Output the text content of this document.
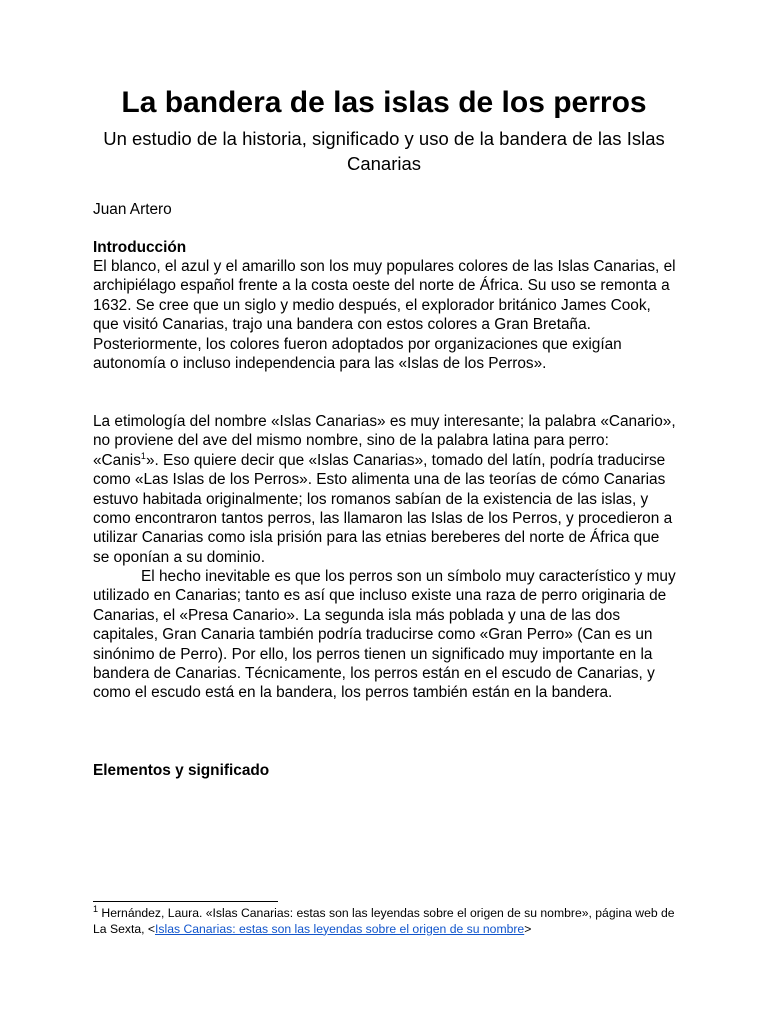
La bandera de las islas de los perros

Un estudio de la historia, significado y uso de la bandera de las Islas Canarias

Juan Artero

Introducción

El blanco, el azul y el amarillo son los muy populares colores de las Islas Canarias, el archipiélago español frente a la costa oeste del norte de África. Su uso se remonta a 1632. Se cree que un siglo y medio después, el explorador británico James Cook, que visitó Canarias, trajo una bandera con estos colores a Gran Bretaña. Posteriormente, los colores fueron adoptados por organizaciones que exigían autonomía o incluso independencia para las «Islas de los Perros».

La etimología del nombre «Islas Canarias» es muy interesante; la palabra «Canario», no proviene del ave del mismo nombre, sino de la palabra latina para perro: «Canis$^1$». Eso quiere decir que «Islas Canarias», tomado del latín, podría traducirse como «Las Islas de los Perros». Esto alimenta una de las teorías de cómo Canarias estuvo habitada originalmente; los romanos sabían de la existencia de las islas, y como encontraron tantos perros, las llamaron las Islas de los Perros, y procedieron a utilizar Canarias como isla prisión para las etnias bereberes del norte de África que se oponían a su dominio.

El hecho inevitable es que los perros son un símbolo muy característico y muy utilizado en Canarias; tanto es así que incluso existe una raza de perro originaria de Canarias, el «Presa Canario». La segunda isla más poblada y una de las dos capitales, Gran Canaria también podría traducirse como «Gran Perro» (Can es un sinónimo de Perro). Por ello, los perros tienen un significado muy importante en la bandera de Canarias. Técnicamente, los perros están en el escudo de Canarias, y como el escudo está en la bandera, los perros también están en la bandera.

Elementos y significado

$^1$ Hernández, Laura. «Islas Canarias: estas son las leyendas sobre el origen de su nombre», página web de La Sexta, <Islas Canarias: estas son las leyendas sobre el origen de su nombre>
